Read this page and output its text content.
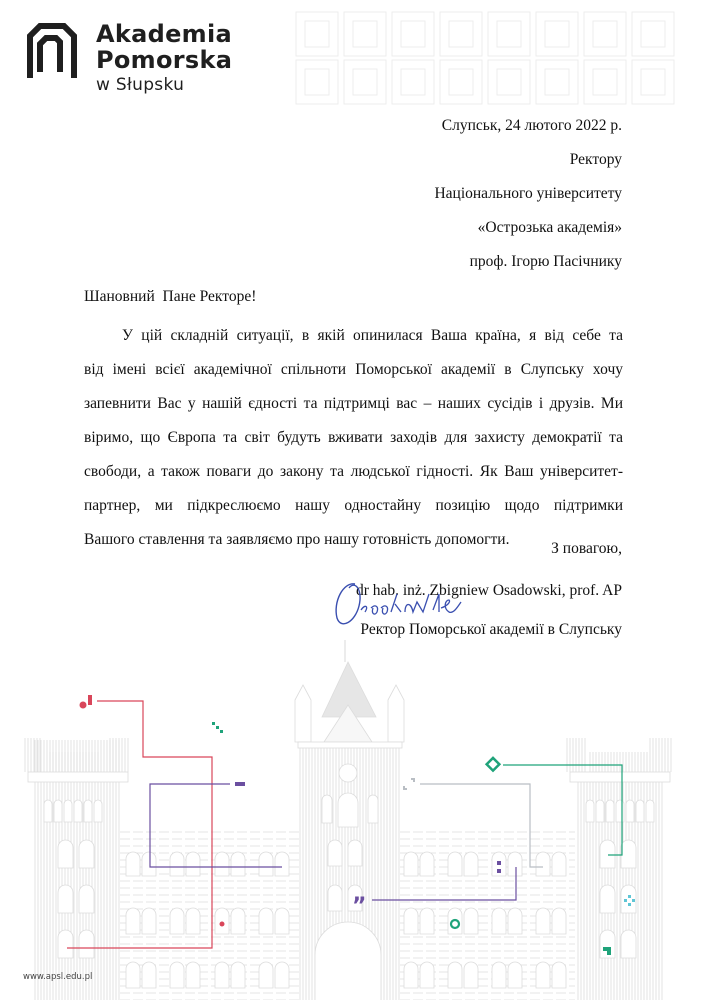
Akademia
Pomorska
w Słupsku
Слупськ, 24 лютого 2022 р.
Ректору
Національного університету
«Острозька академія»
проф. Ігорю Пасічнику
Шановний  Пане Ректоре!
У цій складній ситуації, в якій опинилася Ваша країна, я від себе та
від імені всієї академічної спільноти Поморської академії в Слупську хочу
запевнити Вас у нашій єдності та підтримці вас – наших сусідів і друзів. Ми
віримо, що Європа та світ будуть вживати заходів для захисту демократії та
свободи, а також поваги до закону та людської гідності. Як Ваш університет-
партнер, ми підкреслюємо нашу одностайну позицію щодо підтримки
Вашого ставлення та заявляємо про нашу готовність допомогти.
З повагою,
dr hab. inż. Zbigniew Osadowski, prof. AP
Ректор Поморської академії в Слупську
”
www.apsl.edu.pl
